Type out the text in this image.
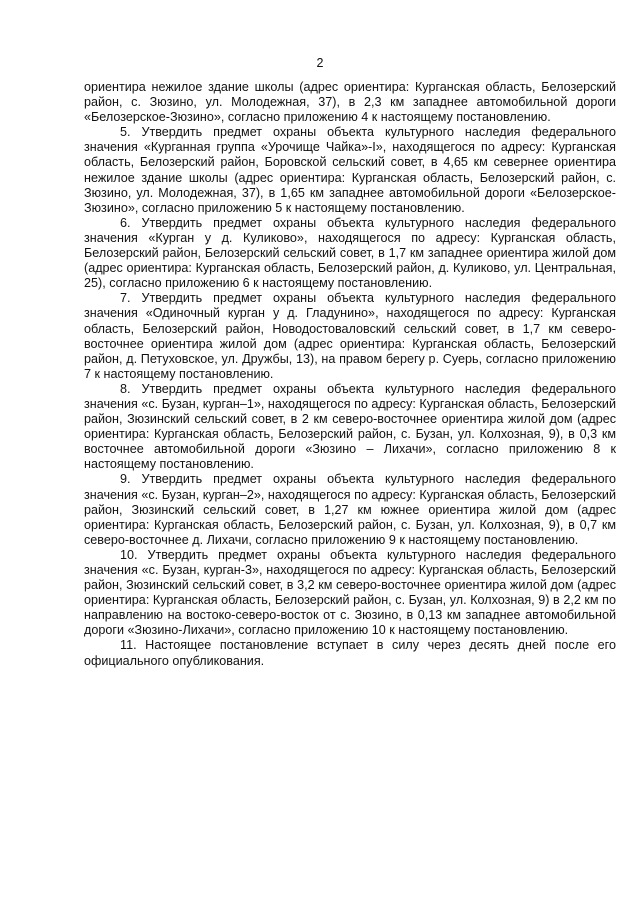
2

ориентира нежилое здание школы (адрес ориентира: Курганская область, Белозерский район, с. Зюзино, ул. Молодежная, 37), в 2,3 км западнее автомобильной дороги «Белозерское-Зюзино», согласно приложению 4 к настоящему постановлению.

5. Утвердить предмет охраны объекта культурного наследия федерального значения «Курганная группа «Урочище Чайка»-I», находящегося по адресу: Курганская область, Белозерский район, Боровской сельский совет, в 4,65 км севернее ориентира нежилое здание школы (адрес ориентира: Курганская область, Белозерский район, с. Зюзино, ул. Молодежная, 37), в 1,65 км западнее автомобильной дороги «Белозерское-Зюзино», согласно приложению 5 к настоящему постановлению.

6. Утвердить предмет охраны объекта культурного наследия федерального значения «Курган у д. Куликово», находящегося по адресу: Курганская область, Белозерский район, Белозерский сельский совет, в 1,7 км западнее ориентира жилой дом (адрес ориентира: Курганская область, Белозерский район, д. Куликово, ул. Центральная, 25), согласно приложению 6 к настоящему постановлению.

7. Утвердить предмет охраны объекта культурного наследия федерального значения «Одиночный курган у д. Гладунино», находящегося по адресу: Курганская область, Белозерский район, Новодостоваловский сельский совет, в 1,7 км северо-восточнее ориентира жилой дом (адрес ориентира: Курганская область, Белозерский район, д. Петуховское, ул. Дружбы, 13), на правом берегу р. Суерь, согласно приложению 7 к настоящему постановлению.

8. Утвердить предмет охраны объекта культурного наследия федерального значения «с. Бузан, курган–1», находящегося по адресу: Курганская область, Белозерский район, Зюзинский сельский совет, в 2 км северо-восточнее ориентира жилой дом (адрес ориентира: Курганская область, Белозерский район, с. Бузан, ул. Колхозная, 9), в 0,3 км восточнее автомобильной дороги «Зюзино – Лихачи», согласно приложению 8 к настоящему постановлению.

9. Утвердить предмет охраны объекта культурного наследия федерального значения «с. Бузан, курган–2», находящегося по адресу: Курганская область, Белозерский район, Зюзинский сельский совет, в 1,27 км южнее ориентира жилой дом (адрес ориентира: Курганская область, Белозерский район, с. Бузан, ул. Колхозная, 9), в 0,7 км северо-восточнее д. Лихачи, согласно приложению 9 к настоящему постановлению.

10. Утвердить предмет охраны объекта культурного наследия федерального значения «с. Бузан, курган-3», находящегося по адресу: Курганская область, Белозерский район, Зюзинский сельский совет, в 3,2 км северо-восточнее ориентира жилой дом (адрес ориентира: Курганская область, Белозерский район, с. Бузан, ул. Колхозная, 9) в 2,2 км по направлению на востоко-северо-восток от с. Зюзино, в 0,13 км западнее автомобильной дороги «Зюзино-Лихачи», согласно приложению 10 к настоящему постановлению.

11. Настоящее постановление вступает в силу через десять дней после его официального опубликования.
